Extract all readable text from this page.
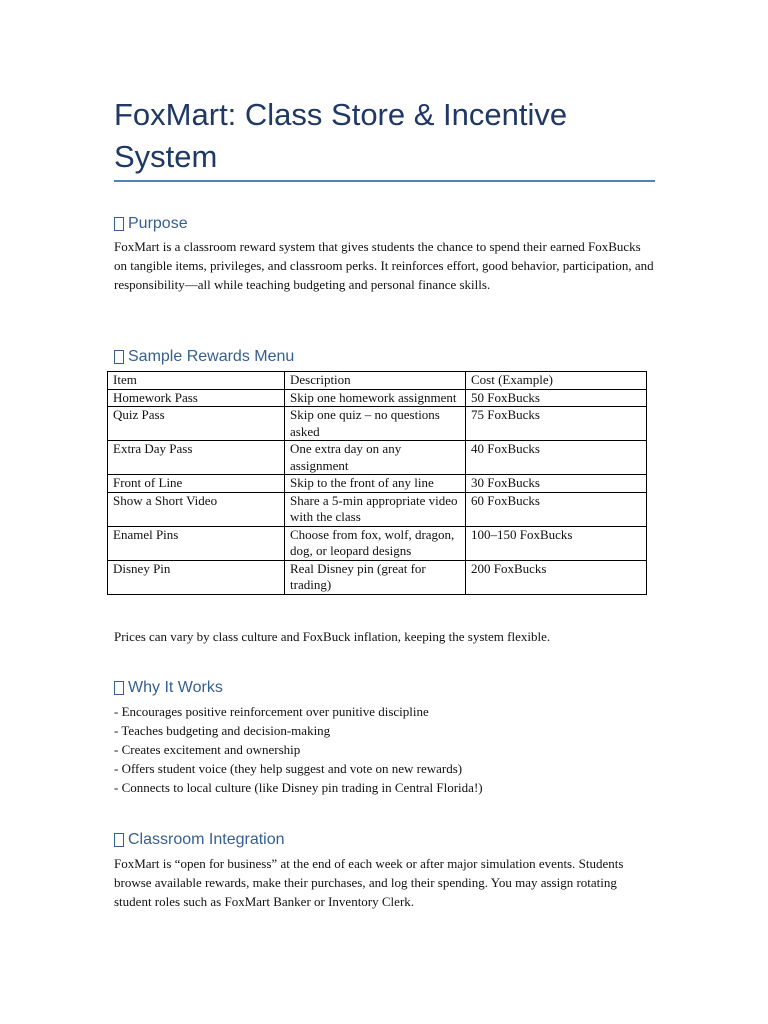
FoxMart: Class Store & Incentive System
Purpose

FoxMart is a classroom reward system that gives students the chance to spend their earned FoxBucks on tangible items, privileges, and classroom perks. It reinforces effort, good behavior, participation, and responsibility—all while teaching budgeting and personal finance skills.

Sample Rewards Menu
Item	Description	Cost (Example)
Homework Pass	Skip one homework assignment	50 FoxBucks
Quiz Pass	Skip one quiz – no questions asked	75 FoxBucks
Extra Day Pass	One extra day on any assignment	40 FoxBucks
Front of Line	Skip to the front of any line	30 FoxBucks
Show a Short Video	Share a 5-min appropriate video with the class	60 FoxBucks
Enamel Pins	Choose from fox, wolf, dragon, dog, or leopard designs	100–150 FoxBucks
Disney Pin	Real Disney pin (great for trading)	200 FoxBucks

Prices can vary by class culture and FoxBuck inflation, keeping the system flexible.

Why It Works
- Encourages positive reinforcement over punitive discipline
- Teaches budgeting and decision-making
- Creates excitement and ownership
- Offers student voice (they help suggest and vote on new rewards)
- Connects to local culture (like Disney pin trading in Central Florida!)
Classroom Integration

FoxMart is “open for business” at the end of each week or after major simulation events. Students browse available rewards, make their purchases, and log their spending. You may assign rotating student roles such as FoxMart Banker or Inventory Clerk.
